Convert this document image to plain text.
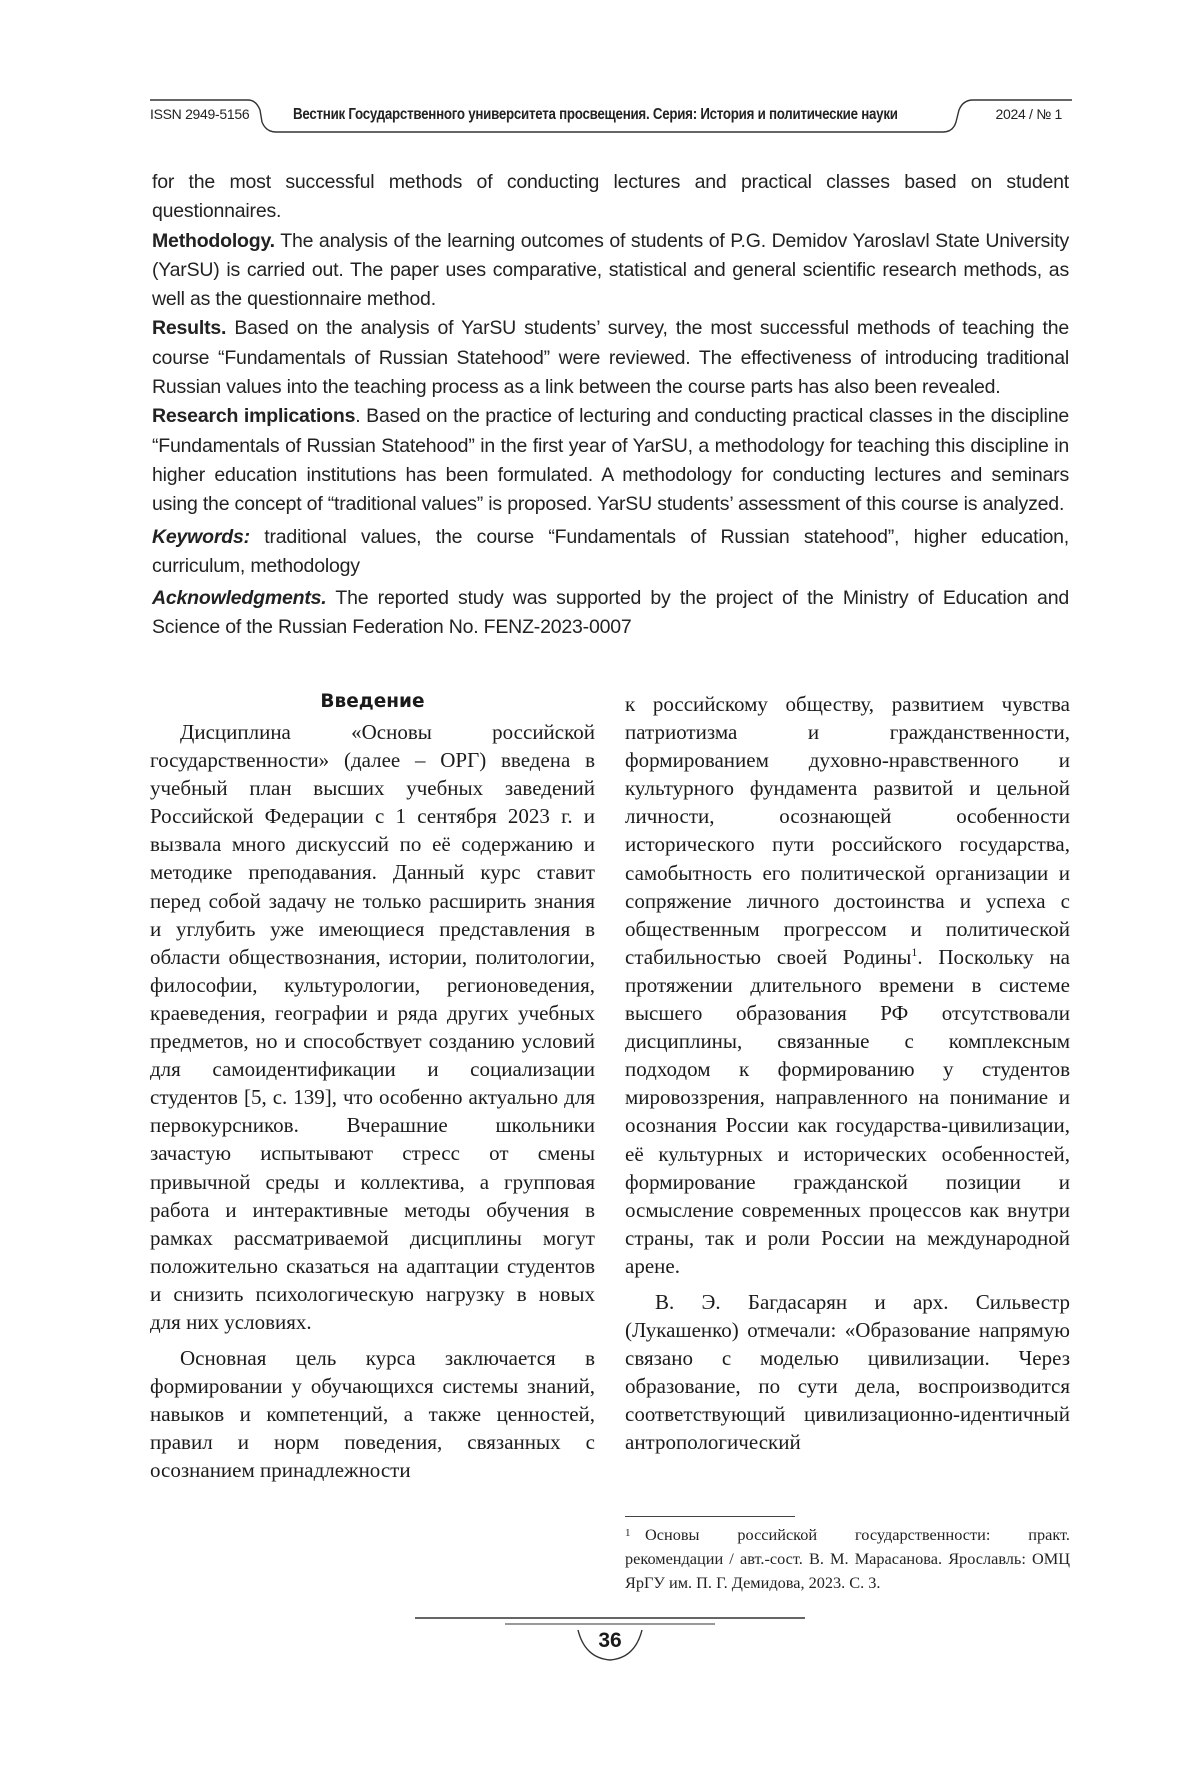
ISSN 2949-5156	Вестник Государственного университета просвещения. Серия: История и политические науки	2024 / № 1

for the most successful methods of conducting lectures and practical classes based on student questionnaires.

Methodology. The analysis of the learning outcomes of students of P.G. Demidov Yaroslavl State University (YarSU) is carried out. The paper uses comparative, statistical and general scientific research methods, as well as the questionnaire method.

Results. Based on the analysis of YarSU students’ survey, the most successful methods of teaching the course “Fundamentals of Russian Statehood” were reviewed. The effectiveness of introducing traditional Russian values into the teaching process as a link between the course parts has also been revealed.

Research implications. Based on the practice of lecturing and conducting practical classes in the discipline “Fundamentals of Russian Statehood” in the first year of YarSU, a methodology for teaching this discipline in higher education institutions has been formulated. A methodology for conducting lectures and seminars using the concept of “traditional values” is proposed. YarSU students’ assessment of this course is analyzed.

Keywords: traditional values, the course “Fundamentals of Russian statehood”, higher education, curriculum, methodology

Acknowledgments. The reported study was supported by the project of the Ministry of Education and Science of the Russian Federation No. FENZ-2023-0007

Введение

Дисциплина «Основы российской государственности» (далее – ОРГ) введена в учебный план высших учебных заведений Российской Федерации с 1 сентября 2023 г. и вызвала много дискуссий по её содержанию и методике преподавания. Данный курс ставит перед собой задачу не только расширить знания и углубить уже имеющиеся представления в области обществознания, истории, политологии, философии, культурологии, регионоведения, краеведения, географии и ряда других учебных предметов, но и способствует созданию условий для самоидентификации и социализации студентов [5, с. 139], что особенно актуально для первокурсников. Вчерашние школьники зачастую испытывают стресс от смены привычной среды и коллектива, а групповая работа и интерактивные методы обучения в рамках рассматриваемой дисциплины могут положительно сказаться на адаптации студентов и снизить психологическую нагрузку в новых для них условиях.

Основная цель курса заключается в формировании у обучающихся системы знаний, навыков и компетенций, а также ценностей, правил и норм поведения, связанных с осознанием принадлежности

к российскому обществу, развитием чувства патриотизма и гражданственности, формированием духовно-нравственного и культурного фундамента развитой и цельной личности, осознающей особенности исторического пути российского государства, самобытность его политической организации и сопряжение личного достоинства и успеха с общественным прогрессом и политической стабильностью своей Родины$^1$. Поскольку на протяжении длительного времени в системе высшего образования РФ отсутствовали дисциплины, связанные с комплексным подходом к формированию у студентов мировоззрения, направленного на понимание и осознания России как государства-цивилизации, её культурных и исторических особенностей, формирование гражданской позиции и осмысление современных процессов как внутри страны, так и роли России на международной арене.

В. Э. Багдасарян и арх. Сильвестр (Лукашенко) отмечали: «Образование напрямую связано с моделью цивилизации. Через образование, по сути дела, воспроизводится соответствующий цивилизационно-идентичный антропологический

1 Основы российской государственности: практ. рекомендации / авт.-сост. В. М. Марасанова. Ярославль: ОМЦ ЯрГУ им. П. Г. Демидова, 2023. С. 3.
36
